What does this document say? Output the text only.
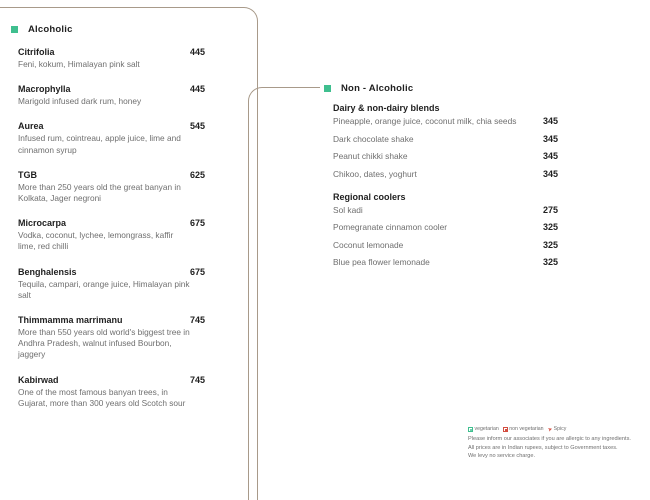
Alcoholic
Citrifolia	445
Feni, kokum, Himalayan pink salt
Macrophylla	445
Marigold infused dark rum, honey
Aurea	545
Infused rum, cointreau, apple juice, lime and cinnamon syrup
TGB	625
More than 250 years old the great banyan in Kolkata, Jager negroni
Microcarpa	675
Vodka, coconut, lychee, lemongrass, kaffir lime, red chilli
Benghalensis	675
Tequila, campari, orange juice, Himalayan pink salt
Thimmamma marrimanu	745
More than 550 years old world's biggest tree in Andhra Pradesh, walnut infused Bourbon, jaggery
Kabirwad	745
One of the most famous banyan trees, in Gujarat, more than 300 years old Scotch sour
Non - Alcoholic
Dairy & non-dairy blends
Pineapple, orange juice, coconut milk, chia seeds	345
Dark chocolate shake	345
Peanut chikki shake	345
Chikoo, dates, yoghurt	345
Regional coolers
Sol kadi	275
Pomegranate cinnamon cooler	325
Coconut lemonade	325
Blue pea flower lemonade	325
vegetarian non vegetarian ➤ Spicy
Please inform our associates if you are allergic to any ingredients.
All prices are in Indian rupees, subject to Government taxes.
We levy no service charge.
